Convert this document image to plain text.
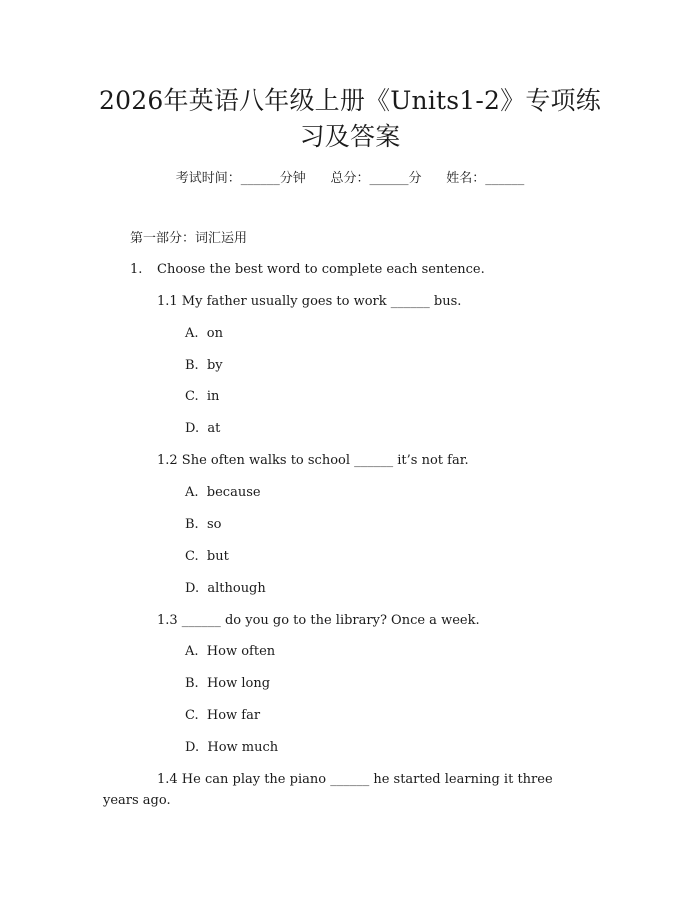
2026年英语八年级上册《Units1-2》专项练
习及答案
考试时间：______分钟      总分：______分      姓名：______
第一部分：词汇运用
1. Choose the best word to complete each sentence.
1.1 My father usually goes to work ______ bus.
A.  on
B.  by
C.  in
D.  at
1.2 She often walks to school ______ it’s not far.
A.  because
B.  so
C.  but
D.  although
1.3 ______ do you go to the library? Once a week.
A.  How often
B.  How long
C.  How far
D.  How much
1.4 He can play the piano ______ he started learning it three
years ago.
